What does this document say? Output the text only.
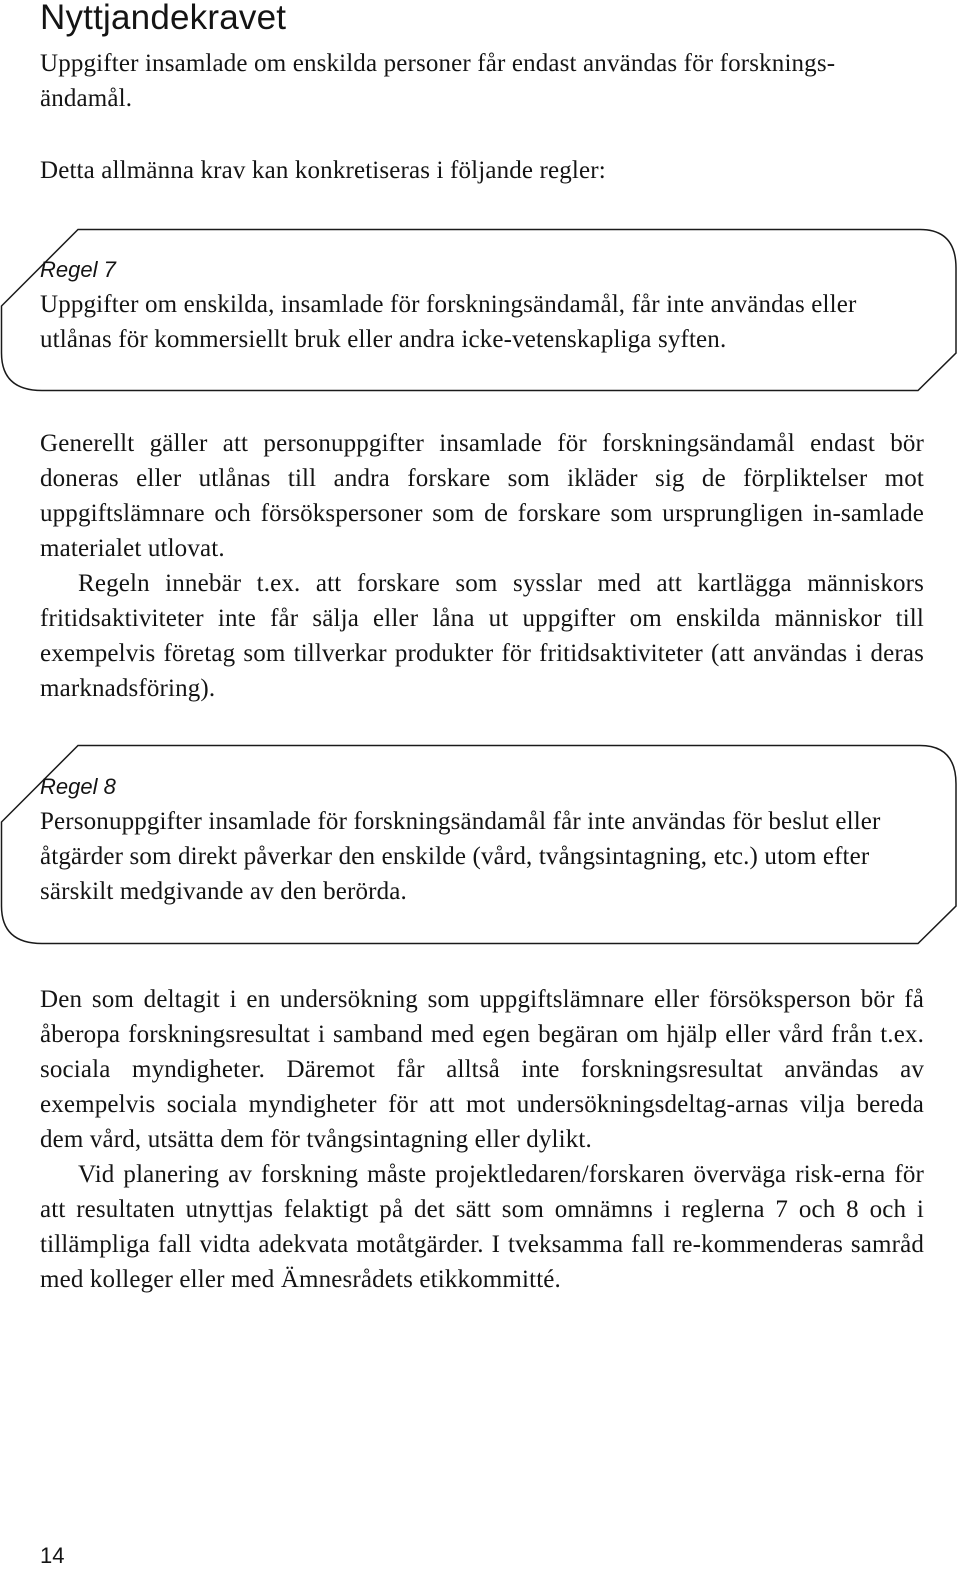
Nyttjandekravet

Uppgifter insamlade om enskilda personer får endast användas för forsknings-

ändamål.

Detta allmänna krav kan konkretiseras i följande regler:

Regel 7

Uppgifter om enskilda, insamlade för forskningsändamål, får inte användas eller utlånas för kommersiellt bruk eller andra icke-vetenskapliga syften.

Generellt gäller att personuppgifter insamlade för forskningsändamål endast bör doneras eller utlånas till andra forskare som ikläder sig de förpliktelser mot uppgiftslämnare och försökspersoner som de forskare som ursprungligen in-samlade materialet utlovat.

Regeln innebär t.ex. att forskare som sysslar med att kartlägga människors fritidsaktiviteter inte får sälja eller låna ut uppgifter om enskilda människor till exempelvis företag som tillverkar produkter för fritidsaktiviteter (att användas i deras marknadsföring).

Regel 8

Personuppgifter insamlade för forskningsändamål får inte användas för beslut eller åtgärder som direkt påverkar den enskilde (vård, tvångsintagning, etc.) utom efter särskilt medgivande av den berörda.

Den som deltagit i en undersökning som uppgiftslämnare eller försöksperson bör få åberopa forskningsresultat i samband med egen begäran om hjälp eller vård från t.ex. sociala myndigheter. Däremot får alltså inte forskningsresultat användas av exempelvis sociala myndigheter för att mot undersökningsdeltag-arnas vilja bereda dem vård, utsätta dem för tvångsintagning eller dylikt.

Vid planering av forskning måste projektledaren/forskaren överväga risk-erna för att resultaten utnyttjas felaktigt på det sätt som omnämns i reglerna 7 och 8 och i tillämpliga fall vidta adekvata motåtgärder. I tveksamma fall re-kommenderas samråd med kolleger eller med Ämnesrådets etikkommitté.

14
